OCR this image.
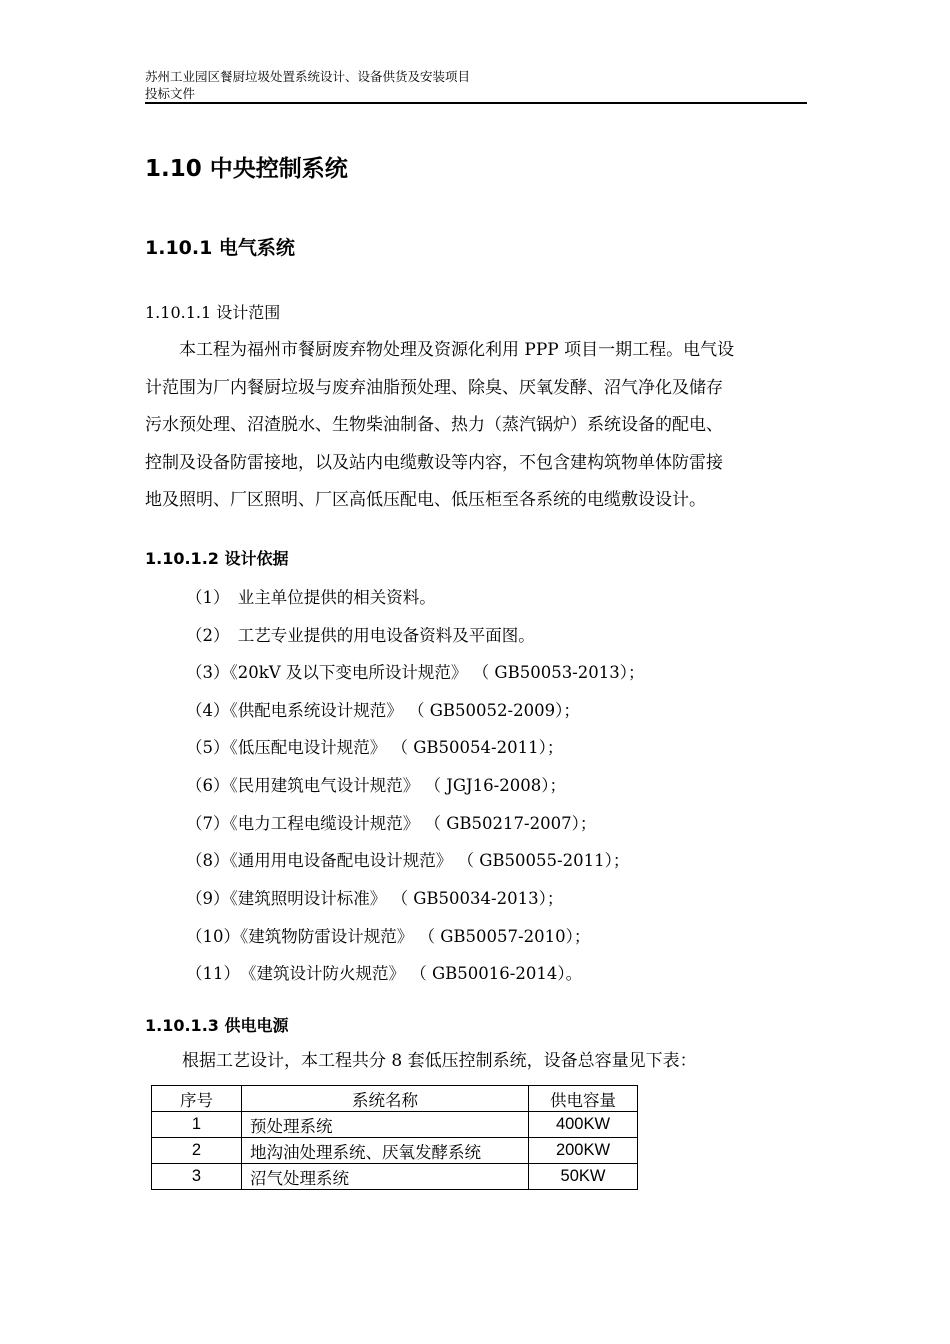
苏州工业园区餐厨垃圾处置系统设计、设备供货及安装项目
投标文件
1.10 中央控制系统
1.10.1 电气系统
1.10.1.1 设计范围
　　本工程为福州市餐厨废弃物处理及资源化利用 PPP 项目一期工程。电气设
计范围为厂内餐厨垃圾与废弃油脂预处理、除臭、厌氧发酵、沼气净化及储存
污水预处理、沼渣脱水、生物柴油制备、热力（蒸汽锅炉）系统设备的配电、
控制及设备防雷接地，以及站内电缆敷设等内容，不包含建构筑物单体防雷接
地及照明、厂区照明、厂区高低压配电、低压柜至各系统的电缆敷设设计。
1.10.1.2 设计依据
（1）　业主单位提供的相关资料。
（2）　工艺专业提供的用电设备资料及平面图。
（3）《20kV 及以下变电所设计规范》 （ GB50053-2013）；
（4）《供配电系统设计规范》 （ GB50052-2009）；
（5）《低压配电设计规范》 （ GB50054-2011）；
（6）《民用建筑电气设计规范》 （ JGJ16-2008）；
（7）《电力工程电缆设计规范》 （ GB50217-2007）；
（8）《通用用电设备配电设计规范》 （ GB50055-2011）；
（9）《建筑照明设计标准》 （ GB50034-2013）；
（10）《建筑物防雷设计规范》 （ GB50057-2010）；
（11）　《建筑设计防火规范》 （ GB50016-2014）。
1.10.1.3 供电电源
根据工艺设计，本工程共分 8 套低压控制系统，设备总容量见下表：
序号	系统名称	供电容量
1	预处理系统	400KW
2	地沟油处理系统、厌氧发酵系统	200KW
3	沼气处理系统	50KW
